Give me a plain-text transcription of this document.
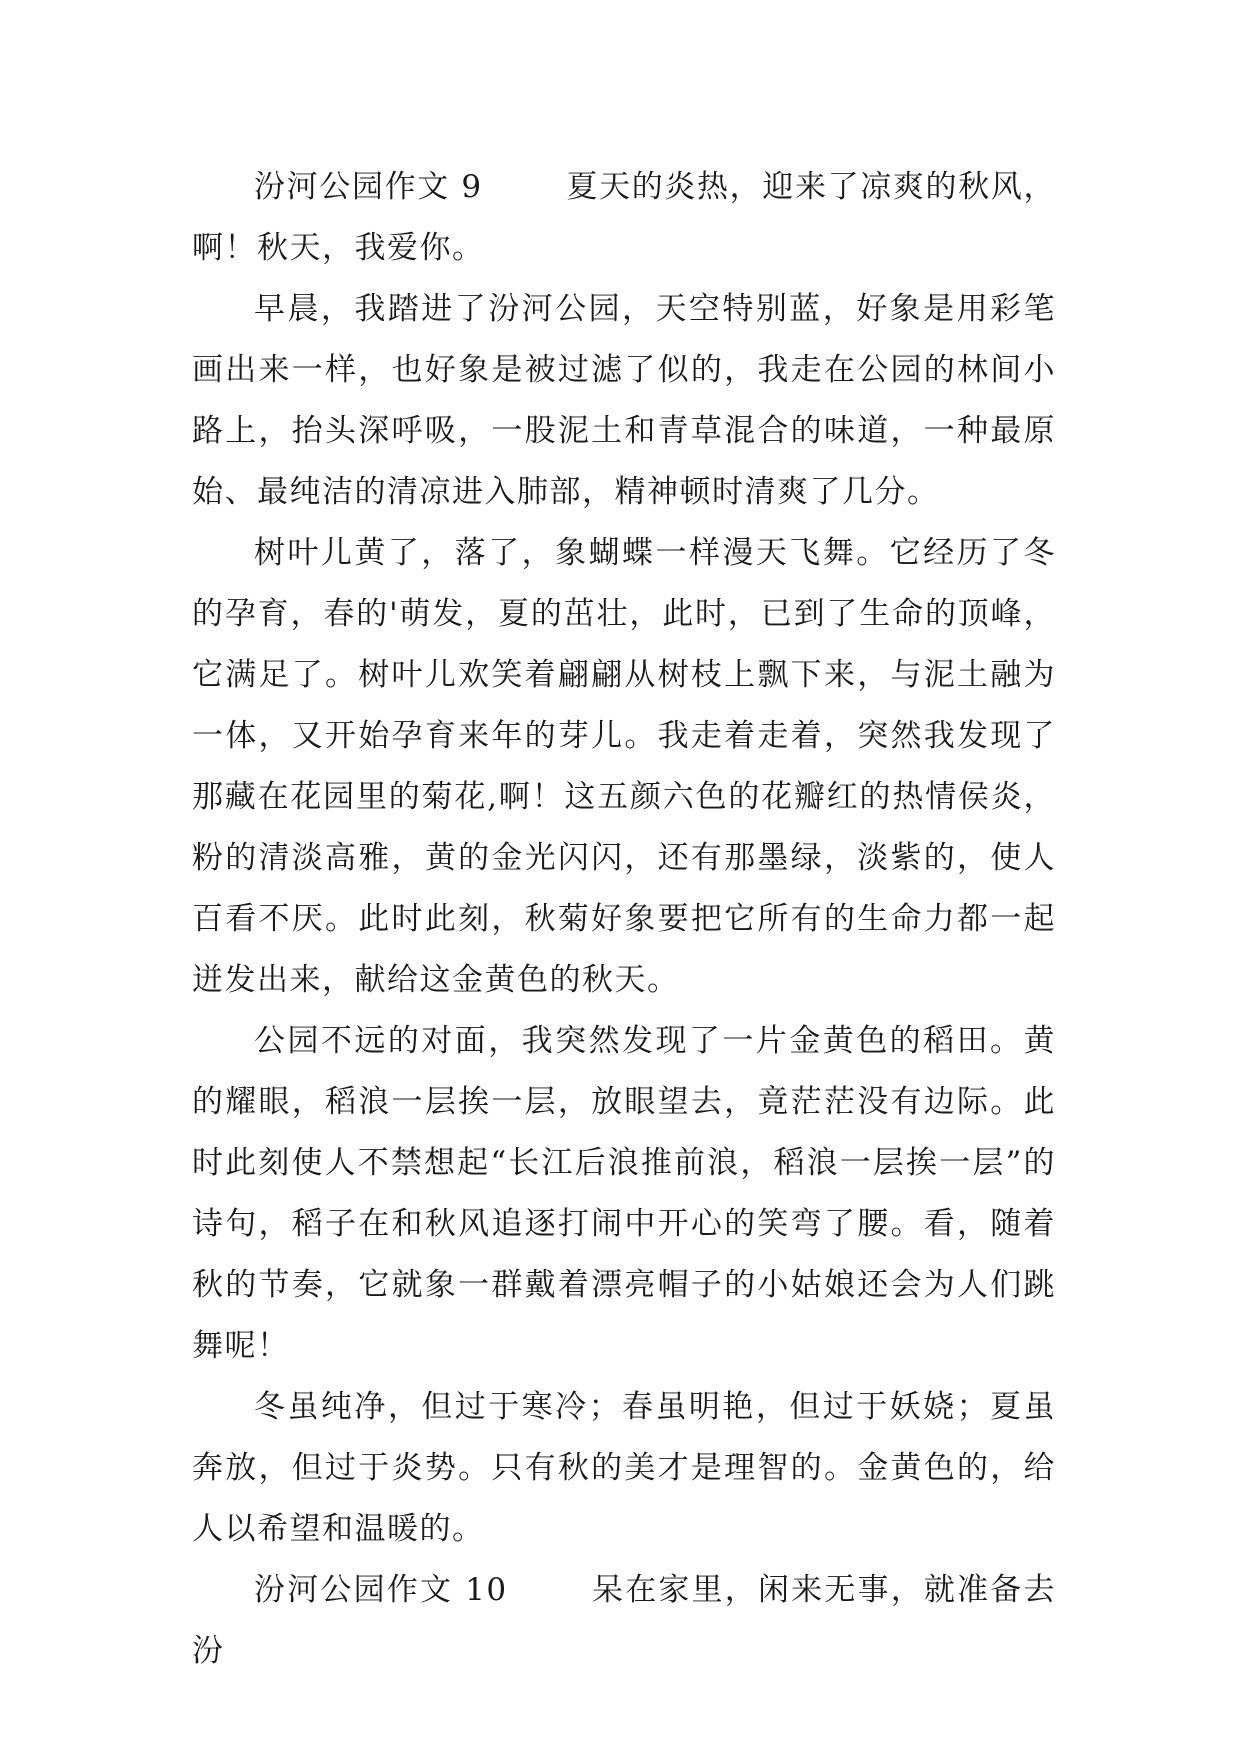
汾河公园作文 9	夏天的炎热，迎来了凉爽的秋风，啊！秋天，我爱你。

早晨，我踏进了汾河公园，天空特别蓝，好象是用彩笔画出来一样，也好象是被过滤了似的，我走在公园的林间小路上，抬头深呼吸，一股泥土和青草混合的味道，一种最原始、最纯洁的清凉进入肺部，精神顿时清爽了几分。

树叶儿黄了，落了，象蝴蝶一样漫天飞舞。它经历了冬的孕育，春的'萌发，夏的茁壮，此时，已到了生命的顶峰，它满足了。树叶儿欢笑着翩翩从树枝上飘下来，与泥土融为一体，又开始孕育来年的芽儿。我走着走着，突然我发现了那藏在花园里的菊花,啊！这五颜六色的花瓣红的热情侯炎，粉的清淡高雅，黄的金光闪闪，还有那墨绿，淡紫的，使人百看不厌。此时此刻，秋菊好象要把它所有的生命力都一起迸发出来，献给这金黄色的秋天。

公园不远的对面，我突然发现了一片金黄色的稻田。黄的耀眼，稻浪一层挨一层，放眼望去，竟茫茫没有边际。此时此刻使人不禁想起“长江后浪推前浪，稻浪一层挨一层”的诗句，稻子在和秋风追逐打闹中开心的笑弯了腰。看，随着秋的节奏，它就象一群戴着漂亮帽子的小姑娘还会为人们跳舞呢！

冬虽纯净，但过于寒冷；春虽明艳，但过于妖娆；夏虽奔放，但过于炎势。只有秋的美才是理智的。金黄色的，给人以希望和温暖的。

汾河公园作文 10	呆在家里，闲来无事，就准备去汾
